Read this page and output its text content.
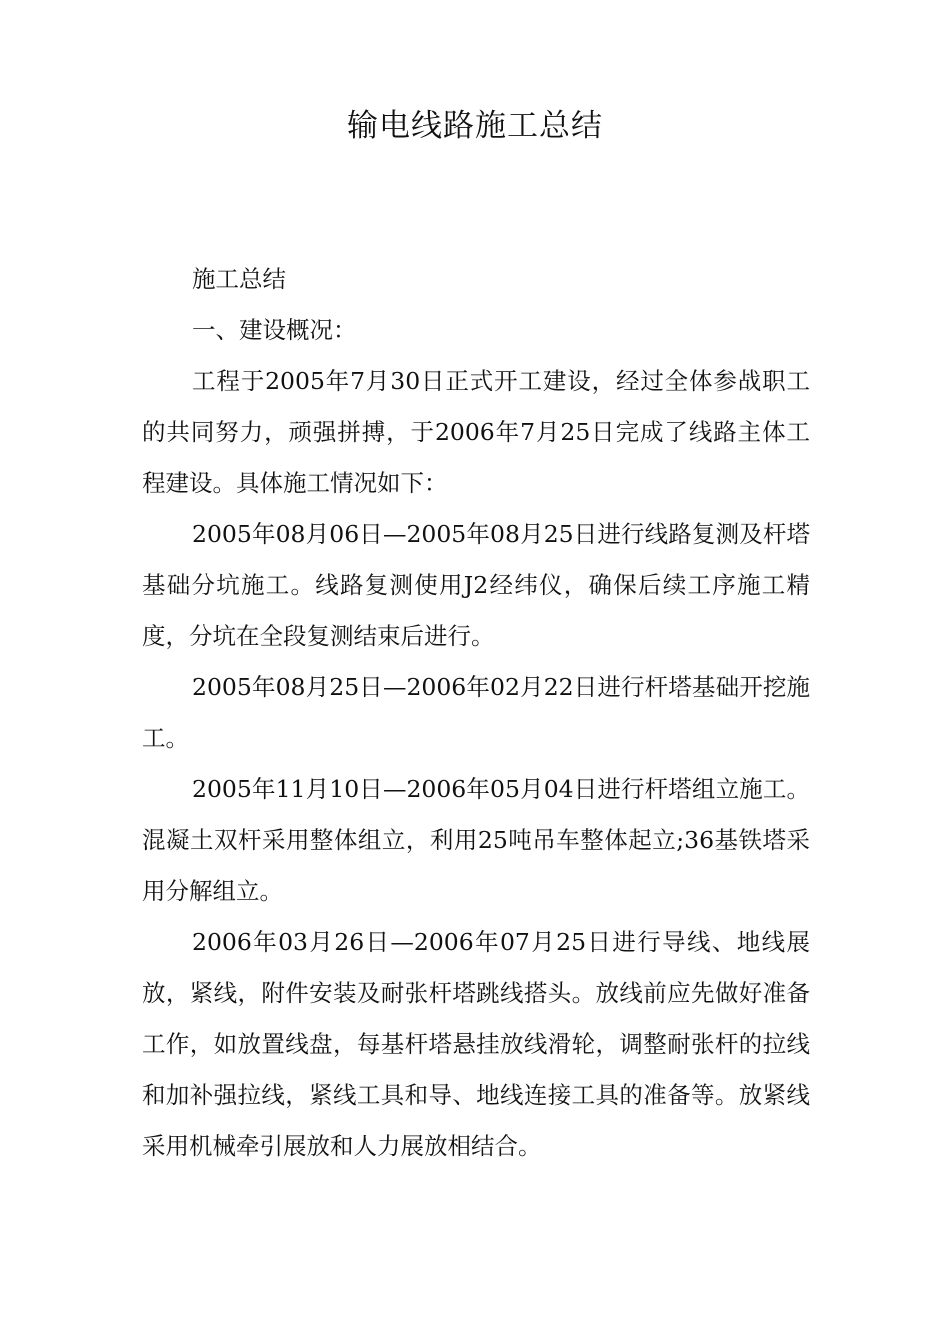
输电线路施工总结

施工总结

一、建设概况：

工程于2005年7月30日正式开工建设，经过全体参战职工的共同努力，顽强拼搏，于2006年7月25日完成了线路主体工程建设。具体施工情况如下：

2005年08月06日—2005年08月25日进行线路复测及杆塔基础分坑施工。线路复测使用J2经纬仪，确保后续工序施工精度，分坑在全段复测结束后进行。

2005年08月25日—2006年02月22日进行杆塔基础开挖施工。

2005年11月10日—2006年05月04日进行杆塔组立施工。混凝土双杆采用整体组立，利用25吨吊车整体起立;36基铁塔采用分解组立。

2006年03月26日—2006年07月25日进行导线、地线展放，紧线，附件安装及耐张杆塔跳线搭头。放线前应先做好准备工作，如放置线盘，每基杆塔悬挂放线滑轮，调整耐张杆的拉线和加补强拉线，紧线工具和导、地线连接工具的准备等。放紧线采用机械牵引展放和人力展放相结合。
